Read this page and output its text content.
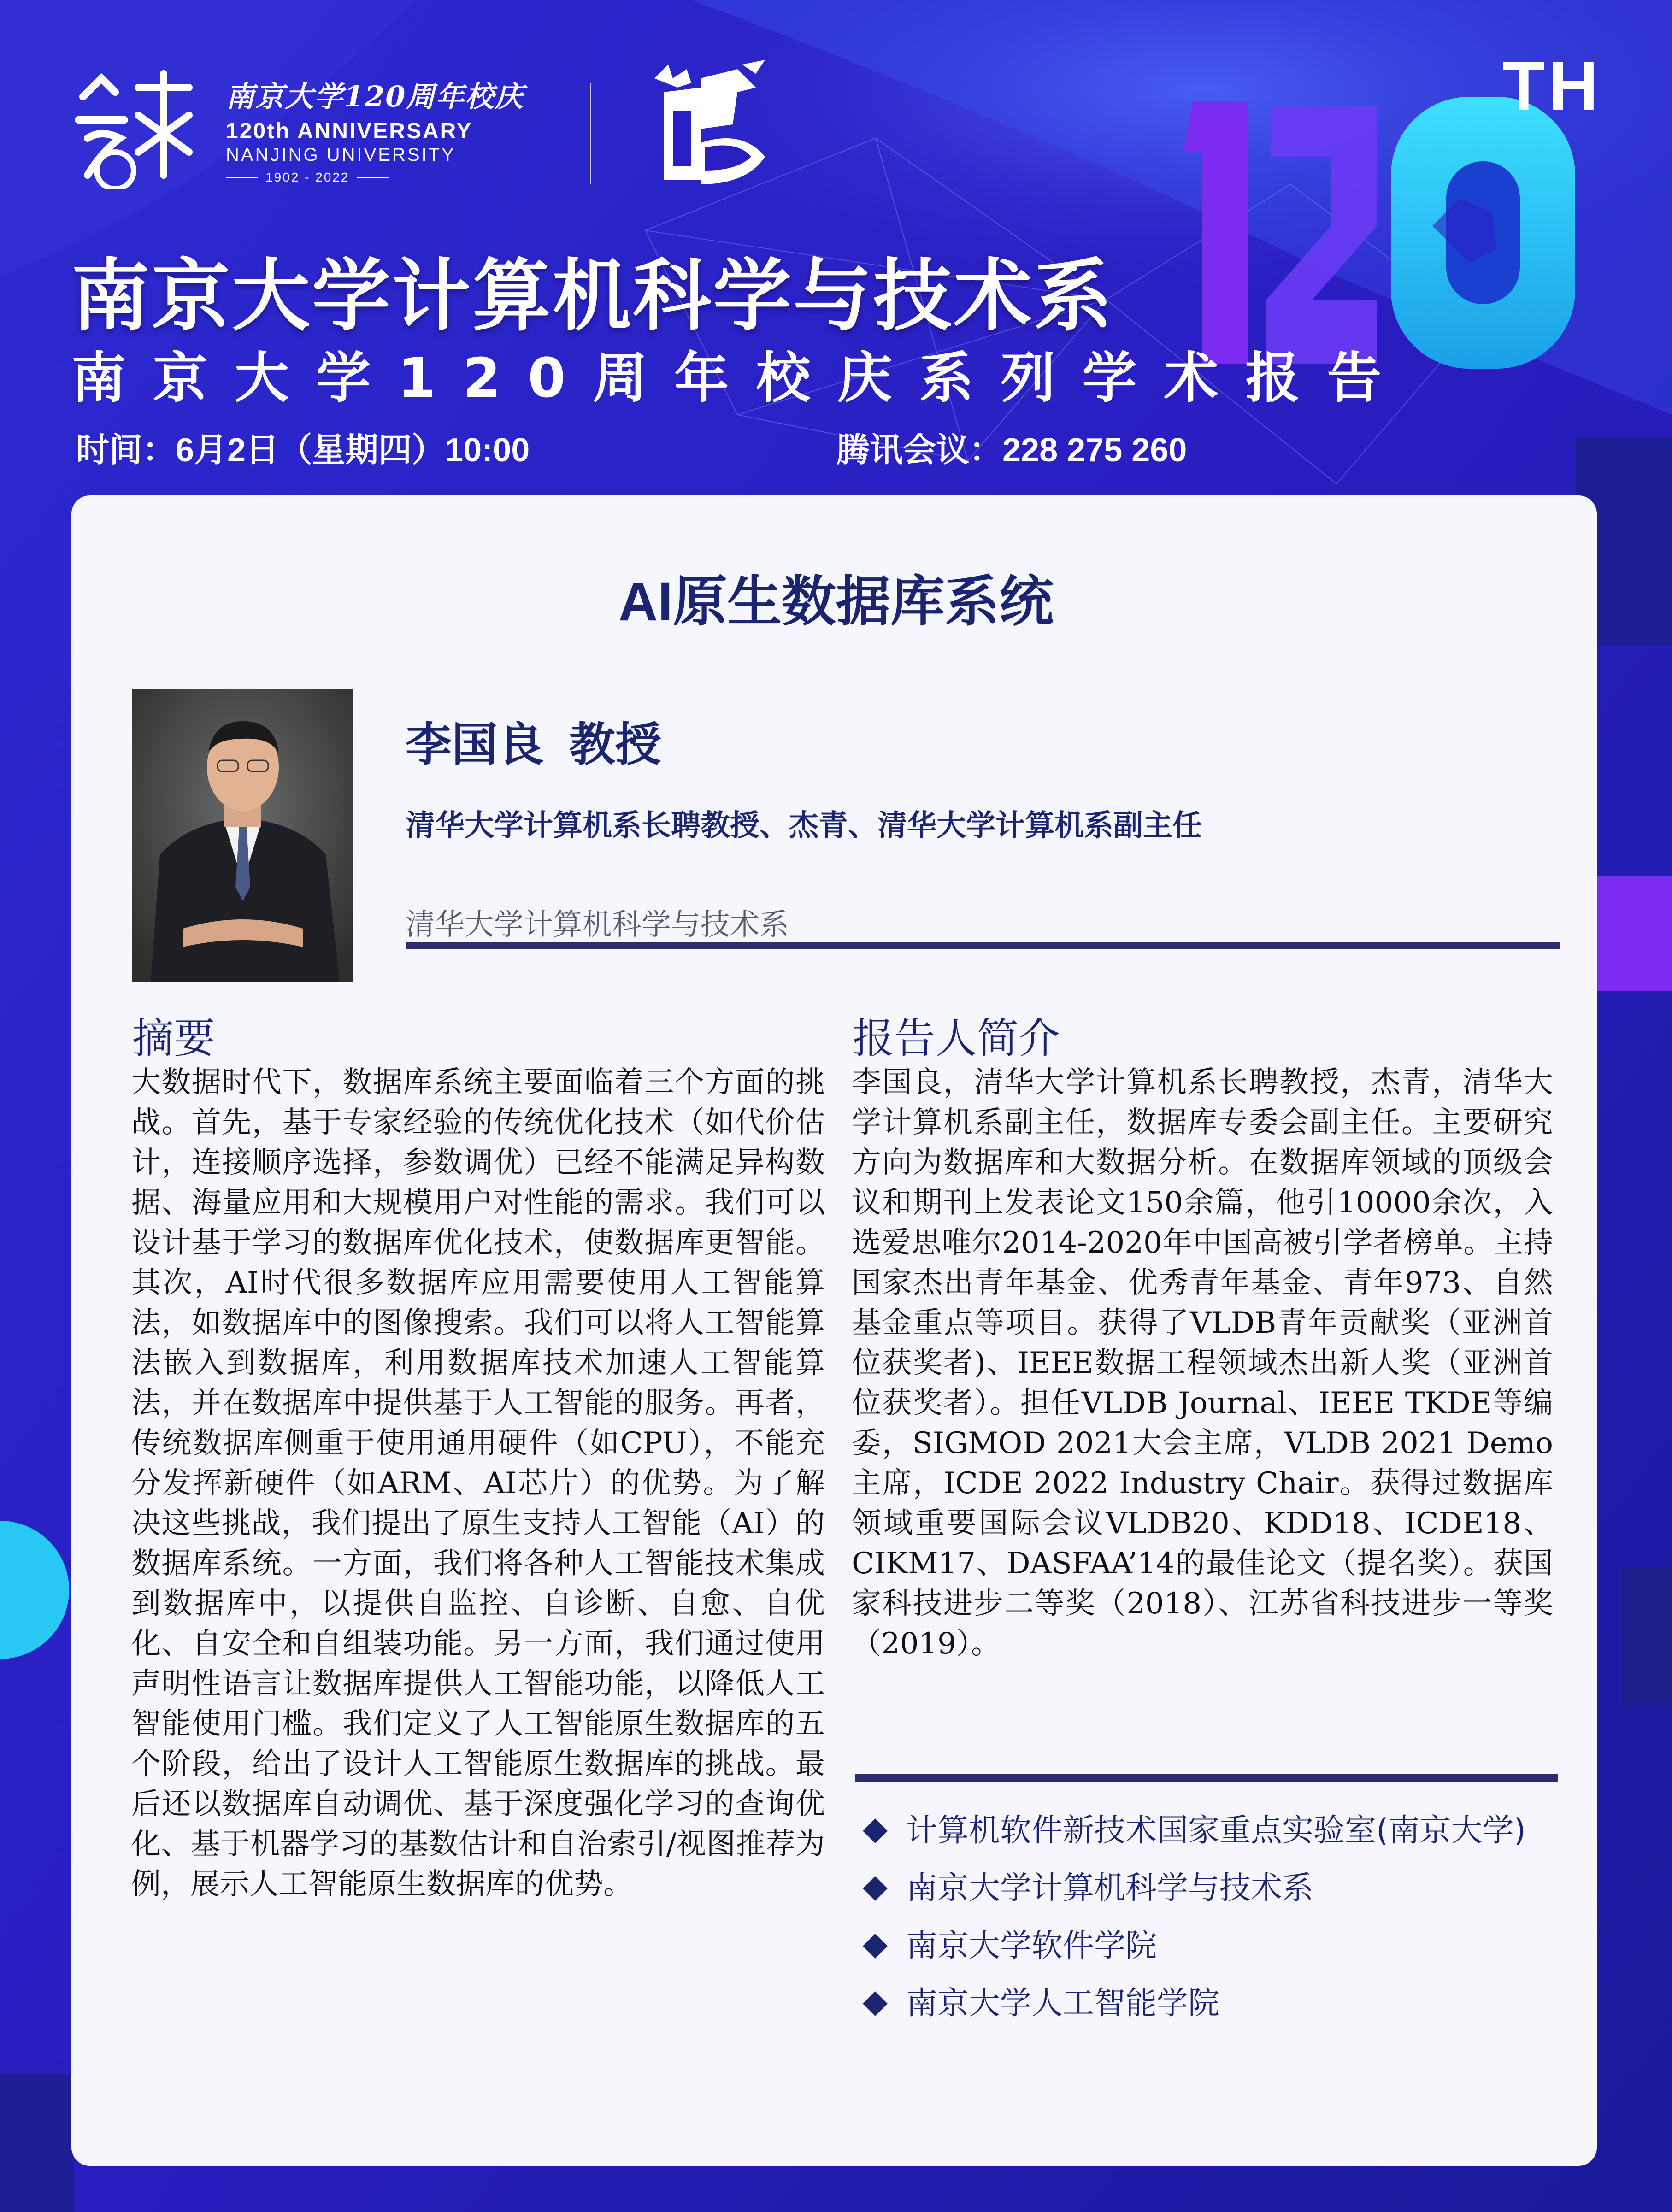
TH
南京大学120周年校庆
120th ANNIVERSARY
NANJING UNIVERSITY
1902 - 2022
南京大学计算机科学与技术系
南京大学120周年校庆系列学术报告
时间：6月2日（星期四）10:00	腾讯会议：228 275 260
AI原生数据库系统
李国良 教授
清华大学计算机系长聘教授、杰青、清华大学计算机系副主任
清华大学计算机科学与技术系
摘要	报告人简介
大数据时代下，数据库系统主要面临着三个方面的挑战。首先，基于专家经验的传统优化技术（如代价估计，连接顺序选择，参数调优）已经不能满足异构数据、海量应用和大规模用户对性能的需求。我们可以设计基于学习的数据库优化技术，使数据库更智能。其次，AI时代很多数据库应用需要使用人工智能算法，如数据库中的图像搜索。我们可以将人工智能算法嵌入到数据库，利用数据库技术加速人工智能算法，并在数据库中提供基于人工智能的服务。再者，传统数据库侧重于使用通用硬件（如CPU），不能充分发挥新硬件（如ARM、AI芯片）的优势。为了解决这些挑战，我们提出了原生支持人工智能（AI）的数据库系统。一方面，我们将各种人工智能技术集成到数据库中，以提供自监控、自诊断、自愈、自优化、自安全和自组装功能。另一方面，我们通过使用声明性语言让数据库提供人工智能功能，以降低人工智能使用门槛。我们定义了人工智能原生数据库的五个阶段，给出了设计人工智能原生数据库的挑战。最后还以数据库自动调优、基于深度强化学习的查询优化、基于机器学习的基数估计和自治索引/视图推荐为例，展示人工智能原生数据库的优势。
李国良，清华大学计算机系长聘教授，杰青，清华大学计算机系副主任，数据库专委会副主任。主要研究方向为数据库和大数据分析。在数据库领域的顶级会议和期刊上发表论文150余篇，他引10000余次，入选爱思唯尔2014-2020年中国高被引学者榜单。主持国家杰出青年基金、优秀青年基金、青年973、自然基金重点等项目。获得了VLDB青年贡献奖（亚洲首位获奖者)、IEEE数据工程领域杰出新人奖（亚洲首位获奖者）。担任VLDB Journal、IEEE TKDE等编委，SIGMOD 2021大会主席，VLDB 2021 Demo主席，ICDE 2022 Industry Chair。获得过数据库领域重要国际会议VLDB20、KDD18、ICDE18、CIKM17、DASFAA’14的最佳论文（提名奖）。获国家科技进步二等奖（2018）、江苏省科技进步一等奖（2019）。
计算机软件新技术国家重点实验室(南京大学)
南京大学计算机科学与技术系
南京大学软件学院
南京大学人工智能学院
